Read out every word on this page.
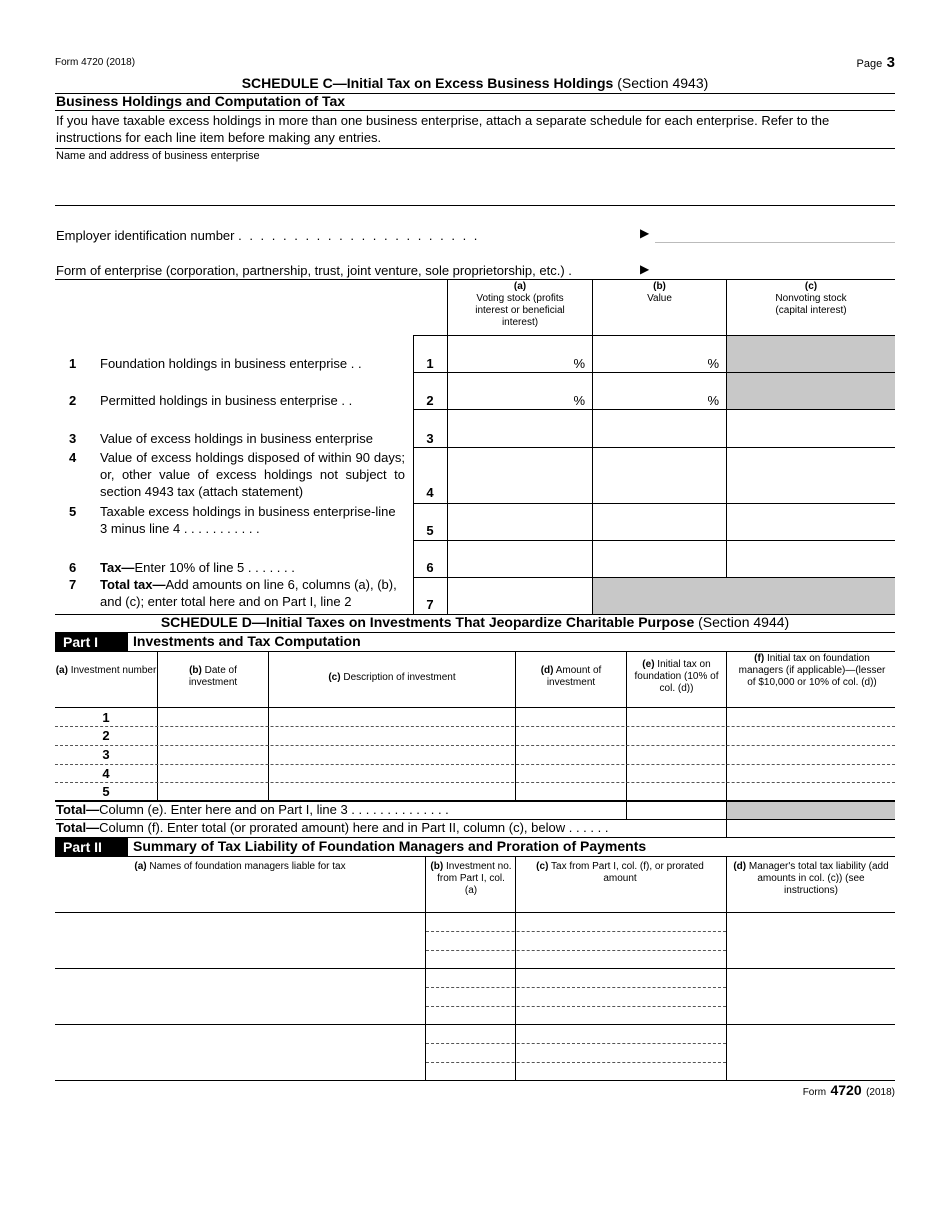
Form 4720 (2018)	Page 3
SCHEDULE C—Initial Tax on Excess Business Holdings (Section 4943)
Business Holdings and Computation of Tax
If you have taxable excess holdings in more than one business enterprise, attach a separate schedule for each enterprise. Refer to the instructions for each line item before making any entries.
Name and address of business enterprise
Employer identification number . . . . . . . . . . . . . . . . . . . . . .	▶
Form of enterprise (corporation, partnership, trust, joint venture, sole proprietorship, etc.) .	▶
(a)
Voting stock (profits interest or beneficial interest)
(b)
Value
(c)
Nonvoting stock (capital interest)
1 Foundation holdings in business enterprise . .	1	%	%
2 Permitted holdings in business enterprise . .	2	%	%
3 Value of excess holdings in business enterprise	3
4 Value of excess holdings disposed of within 90 days; or, other value of excess holdings not subject to section 4943 tax (attach statement)	4
5 Taxable excess holdings in business enterprise-line 3 minus line 4 . . . . . . . . . . .	5
6 Tax—Enter 10% of line 5 . . . . . . .	6
7 Total tax—Add amounts on line 6, columns (a), (b), and (c); enter total here and on Part I, line 2	7
SCHEDULE D—Initial Taxes on Investments That Jeopardize Charitable Purpose (Section 4944)
Part I	Investments and Tax Computation
(a) Investment number	(b) Date of investment	(c) Description of investment
(d) Amount of investment
(e) Initial tax on foundation (10% of col. (d))
(f) Initial tax on foundation managers (if applicable)—(lesser of $10,000 or 10% of col. (d))
1
2
3
4
5
Total—Column (e). Enter here and on Part I, line 3 . . . . . . . . . . . . . .
Total—Column (f). Enter total (or prorated amount) here and in Part II, column (c), below . . . . . .
Part II	Summary of Tax Liability of Foundation Managers and Proration of Payments
(a) Names of foundation managers liable for tax	(b) Investment no. from Part I, col. (a)
(c) Tax from Part I, col. (f), or prorated amount
(d) Manager's total tax liability (add amounts in col. (c)) (see instructions)
Form 4720 (2018)
